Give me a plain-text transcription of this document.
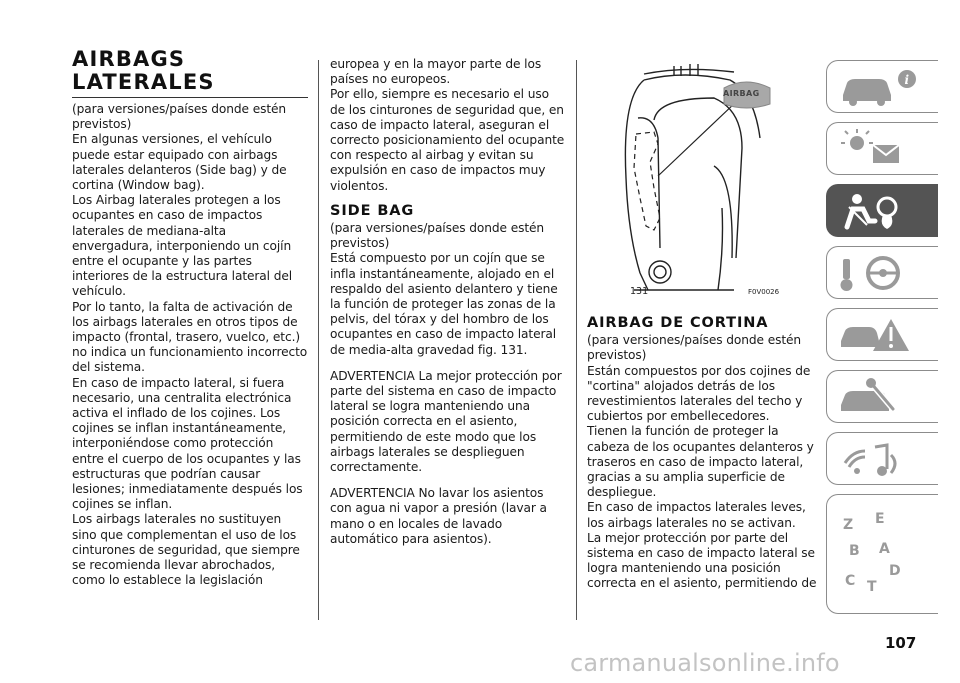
AIRBAGS
LATERALES

(para versiones/países donde estén previstos)

En algunas versiones, el vehículo puede estar equipado con airbags laterales delanteros (Side bag) y de cortina (Window bag).

Los Airbag laterales protegen a los ocupantes en caso de impactos laterales de mediana-alta envergadura, interponiendo un cojín entre el ocupante y las partes interiores de la estructura lateral del vehículo.

Por lo tanto, la falta de activación de los airbags laterales en otros tipos de impacto (frontal, trasero, vuelco, etc.) no indica un funcionamiento incorrecto del sistema.

En caso de impacto lateral, si fuera necesario, una centralita electrónica activa el inflado de los cojines. Los cojines se inflan instantáneamente, interponiéndose como protección entre el cuerpo de los ocupantes y las estructuras que podrían causar lesiones; inmediatamente después los cojines se inflan.

Los airbags laterales no sustituyen sino que complementan el uso de los cinturones de seguridad, que siempre se recomienda llevar abrochados, como lo establece la legislación

europea y en la mayor parte de los países no europeos.

Por ello, siempre es necesario el uso de los cinturones de seguridad que, en caso de impacto lateral, aseguran el correcto posicionamiento del ocupante con respecto al airbag y evitan su expulsión en caso de impactos muy violentos.

SIDE BAG

(para versiones/países donde estén previstos)

Está compuesto por un cojín que se infla instantáneamente, alojado en el respaldo del asiento delantero y tiene la función de proteger las zonas de la pelvis, del tórax y del hombro de los ocupantes en caso de impacto lateral de media-alta gravedad fig. 131.

ADVERTENCIA La mejor protección por parte del sistema en caso de impacto lateral se logra manteniendo una posición correcta en el asiento, permitiendo de este modo que los airbags laterales se desplieguen correctamente.

ADVERTENCIA No lavar los asientos con agua ni vapor a presión (lavar a mano o en locales de lavado automático para asientos).

AIRBAG
131	F0V0026
AIRBAG DE CORTINA

(para versiones/países donde estén previstos)

Están compuestos por dos cojines de "cortina" alojados detrás de los revestimientos laterales del techo y cubiertos por embellecedores.

Tienen la función de proteger la cabeza de los ocupantes delanteros y traseros en caso de impacto lateral, gracias a su amplia superficie de despliegue.

En caso de impactos laterales leves, los airbags laterales no se activan.

La mejor protección por parte del sistema en caso de impacto lateral se logra manteniendo una posición correcta en el asiento, permitiendo de

i
Z E
B A
C
D
T
107
carmanualsonline.info
